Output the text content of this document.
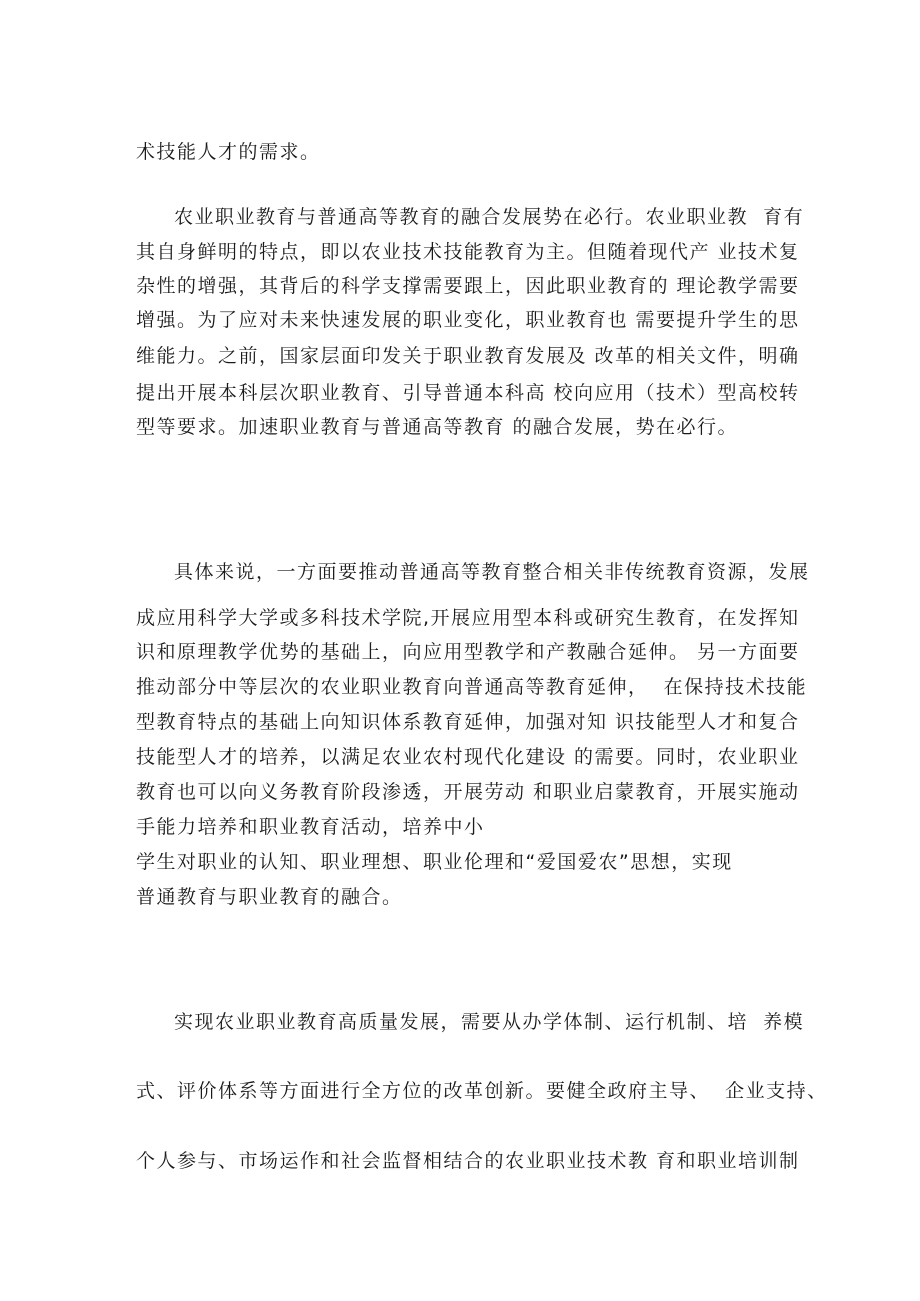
术技能人才的需求。
农业职业教育与普通高等教育的融合发展势在必行。农业职业教  育有
其自身鲜明的特点，即以农业技术技能教育为主。但随着现代产 业技术复
杂性的增强，其背后的科学支撑需要跟上，因此职业教育的 理论教学需要
增强。为了应对未来快速发展的职业变化，职业教育也 需要提升学生的思
维能力。之前，国家层面印发关于职业教育发展及 改革的相关文件，明确
提出开展本科层次职业教育、引导普通本科高 校向应用（技术）型高校转
型等要求。加速职业教育与普通高等教育 的融合发展，势在必行。
具体来说，一方面要推动普通高等教育整合相关非传统教育资源，发展
成应用科学大学或多科技术学院,开展应用型本科或研究生教育，在发挥知
识和原理教学优势的基础上，向应用型教学和产教融合延伸。 另一方面要
推动部分中等层次的农业职业教育向普通高等教育延伸，  在保持技术技能
型教育特点的基础上向知识体系教育延伸，加强对知 识技能型人才和复合
技能型人才的培养，以满足农业农村现代化建设 的需要。同时，农业职业
教育也可以向义务教育阶段渗透，开展劳动 和职业启蒙教育，开展实施动
手能力培养和职业教育活动，培养中小
学生对职业的认知、职业理想、职业伦理和“爱国爱农”思想，实现
普通教育与职业教育的融合。
实现农业职业教育高质量发展，需要从办学体制、运行机制、培  养模
式、评价体系等方面进行全方位的改革创新。要健全政府主导、  企业支持、
个人参与、市场运作和社会监督相结合的农业职业技术教 育和职业培训制
